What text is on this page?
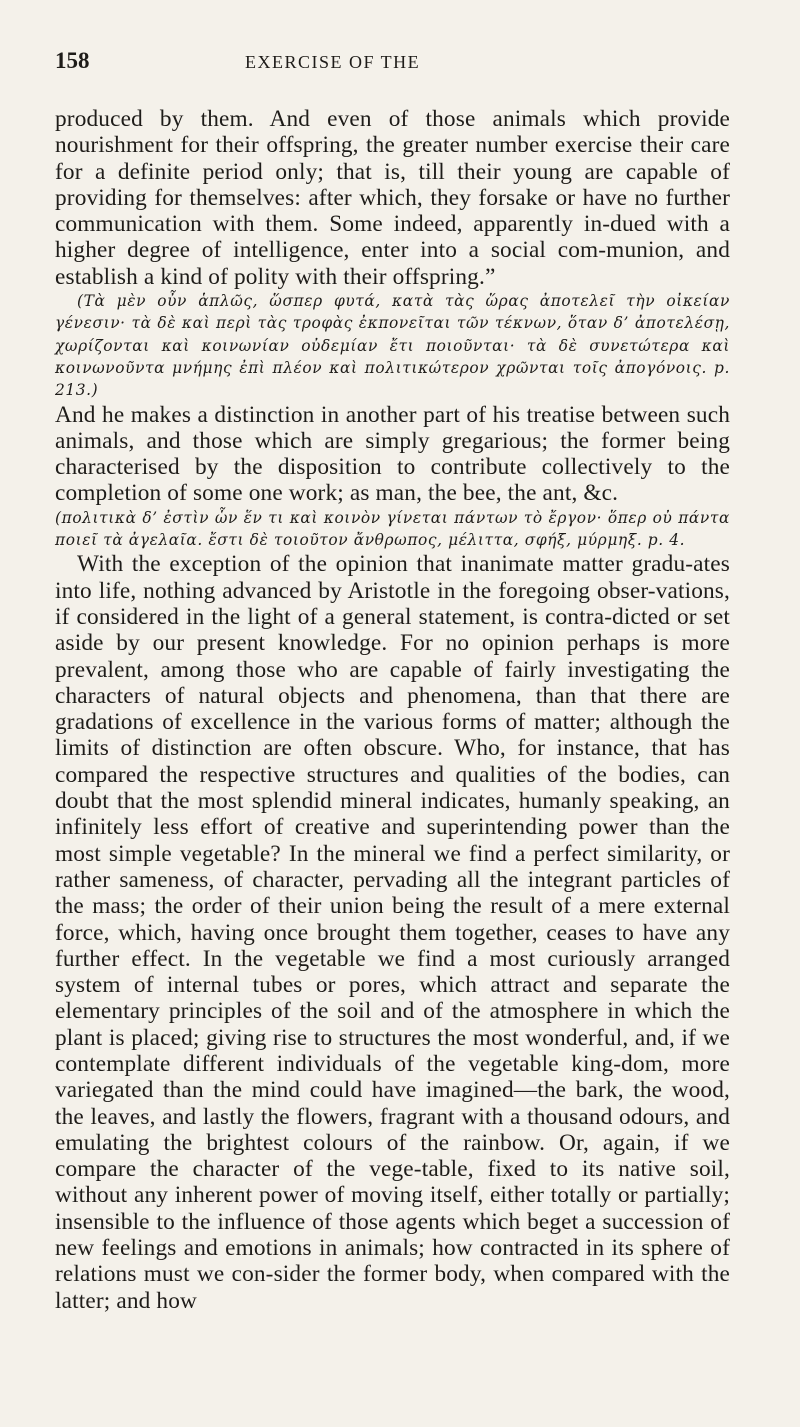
158	EXERCISE OF THE

produced by them. And even of those animals which provide nourishment for their offspring, the greater number exercise their care for a definite period only; that is, till their young are capable of providing for themselves: after which, they forsake or have no further communication with them. Some indeed, apparently in-dued with a higher degree of intelligence, enter into a social com-munion, and establish a kind of polity with their offspring.”

(Τὰ μὲν οὖν ἁπλῶς, ὥσπερ φυτά, κατὰ τὰς ὥρας ἀποτελεῖ τὴν οἰκείαν γένεσιν· τὰ δὲ καὶ περὶ τὰς τροφὰς ἐκπονεῖται τῶν τέκνων, ὅταν δ’ ἀποτελέσῃ, χωρίζονται καὶ κοινωνίαν οὐδεμίαν ἔτι ποιοῦνται· τὰ δὲ συνετώτερα καὶ κοινωνοῦντα μνήμης ἐπὶ πλέον καὶ πολιτικώτερον χρῶνται τοῖς ἀπογόνοις. p. 213.)

And he makes a distinction in another part of his treatise between such animals, and those which are simply gregarious; the former being characterised by the disposition to contribute collectively to the completion of some one work; as man, the bee, the ant, &c.

(πολιτικὰ δ’ ἐστὶν ὧν ἕν τι καὶ κοινὸν γίνεται πάντων τὸ ἔργον· ὅπερ οὐ πάντα ποιεῖ τὰ ἀγελαῖα. ἔστι δὲ τοιοῦτον ἄνθρωπος, μέλιττα, σφήξ, μύρμηξ. p. 4.

With the exception of the opinion that inanimate matter gradu-ates into life, nothing advanced by Aristotle in the foregoing obser-vations, if considered in the light of a general statement, is contra-dicted or set aside by our present knowledge. For no opinion perhaps is more prevalent, among those who are capable of fairly investigating the characters of natural objects and phenomena, than that there are gradations of excellence in the various forms of matter; although the limits of distinction are often obscure. Who, for instance, that has compared the respective structures and qualities of the bodies, can doubt that the most splendid mineral indicates, humanly speaking, an infinitely less effort of creative and superintending power than the most simple vegetable? In the mineral we find a perfect similarity, or rather sameness, of character, pervading all the integrant particles of the mass; the order of their union being the result of a mere external force, which, having once brought them together, ceases to have any further effect. In the vegetable we find a most curiously arranged system of internal tubes or pores, which attract and separate the elementary principles of the soil and of the atmosphere in which the plant is placed; giving rise to structures the most wonderful, and, if we contemplate different individuals of the vegetable king-dom, more variegated than the mind could have imagined—the bark, the wood, the leaves, and lastly the flowers, fragrant with a thousand odours, and emulating the brightest colours of the rainbow. Or, again, if we compare the character of the vege-table, fixed to its native soil, without any inherent power of moving itself, either totally or partially; insensible to the influence of those agents which beget a succession of new feelings and emotions in animals; how contracted in its sphere of relations must we con-sider the former body, when compared with the latter; and how
